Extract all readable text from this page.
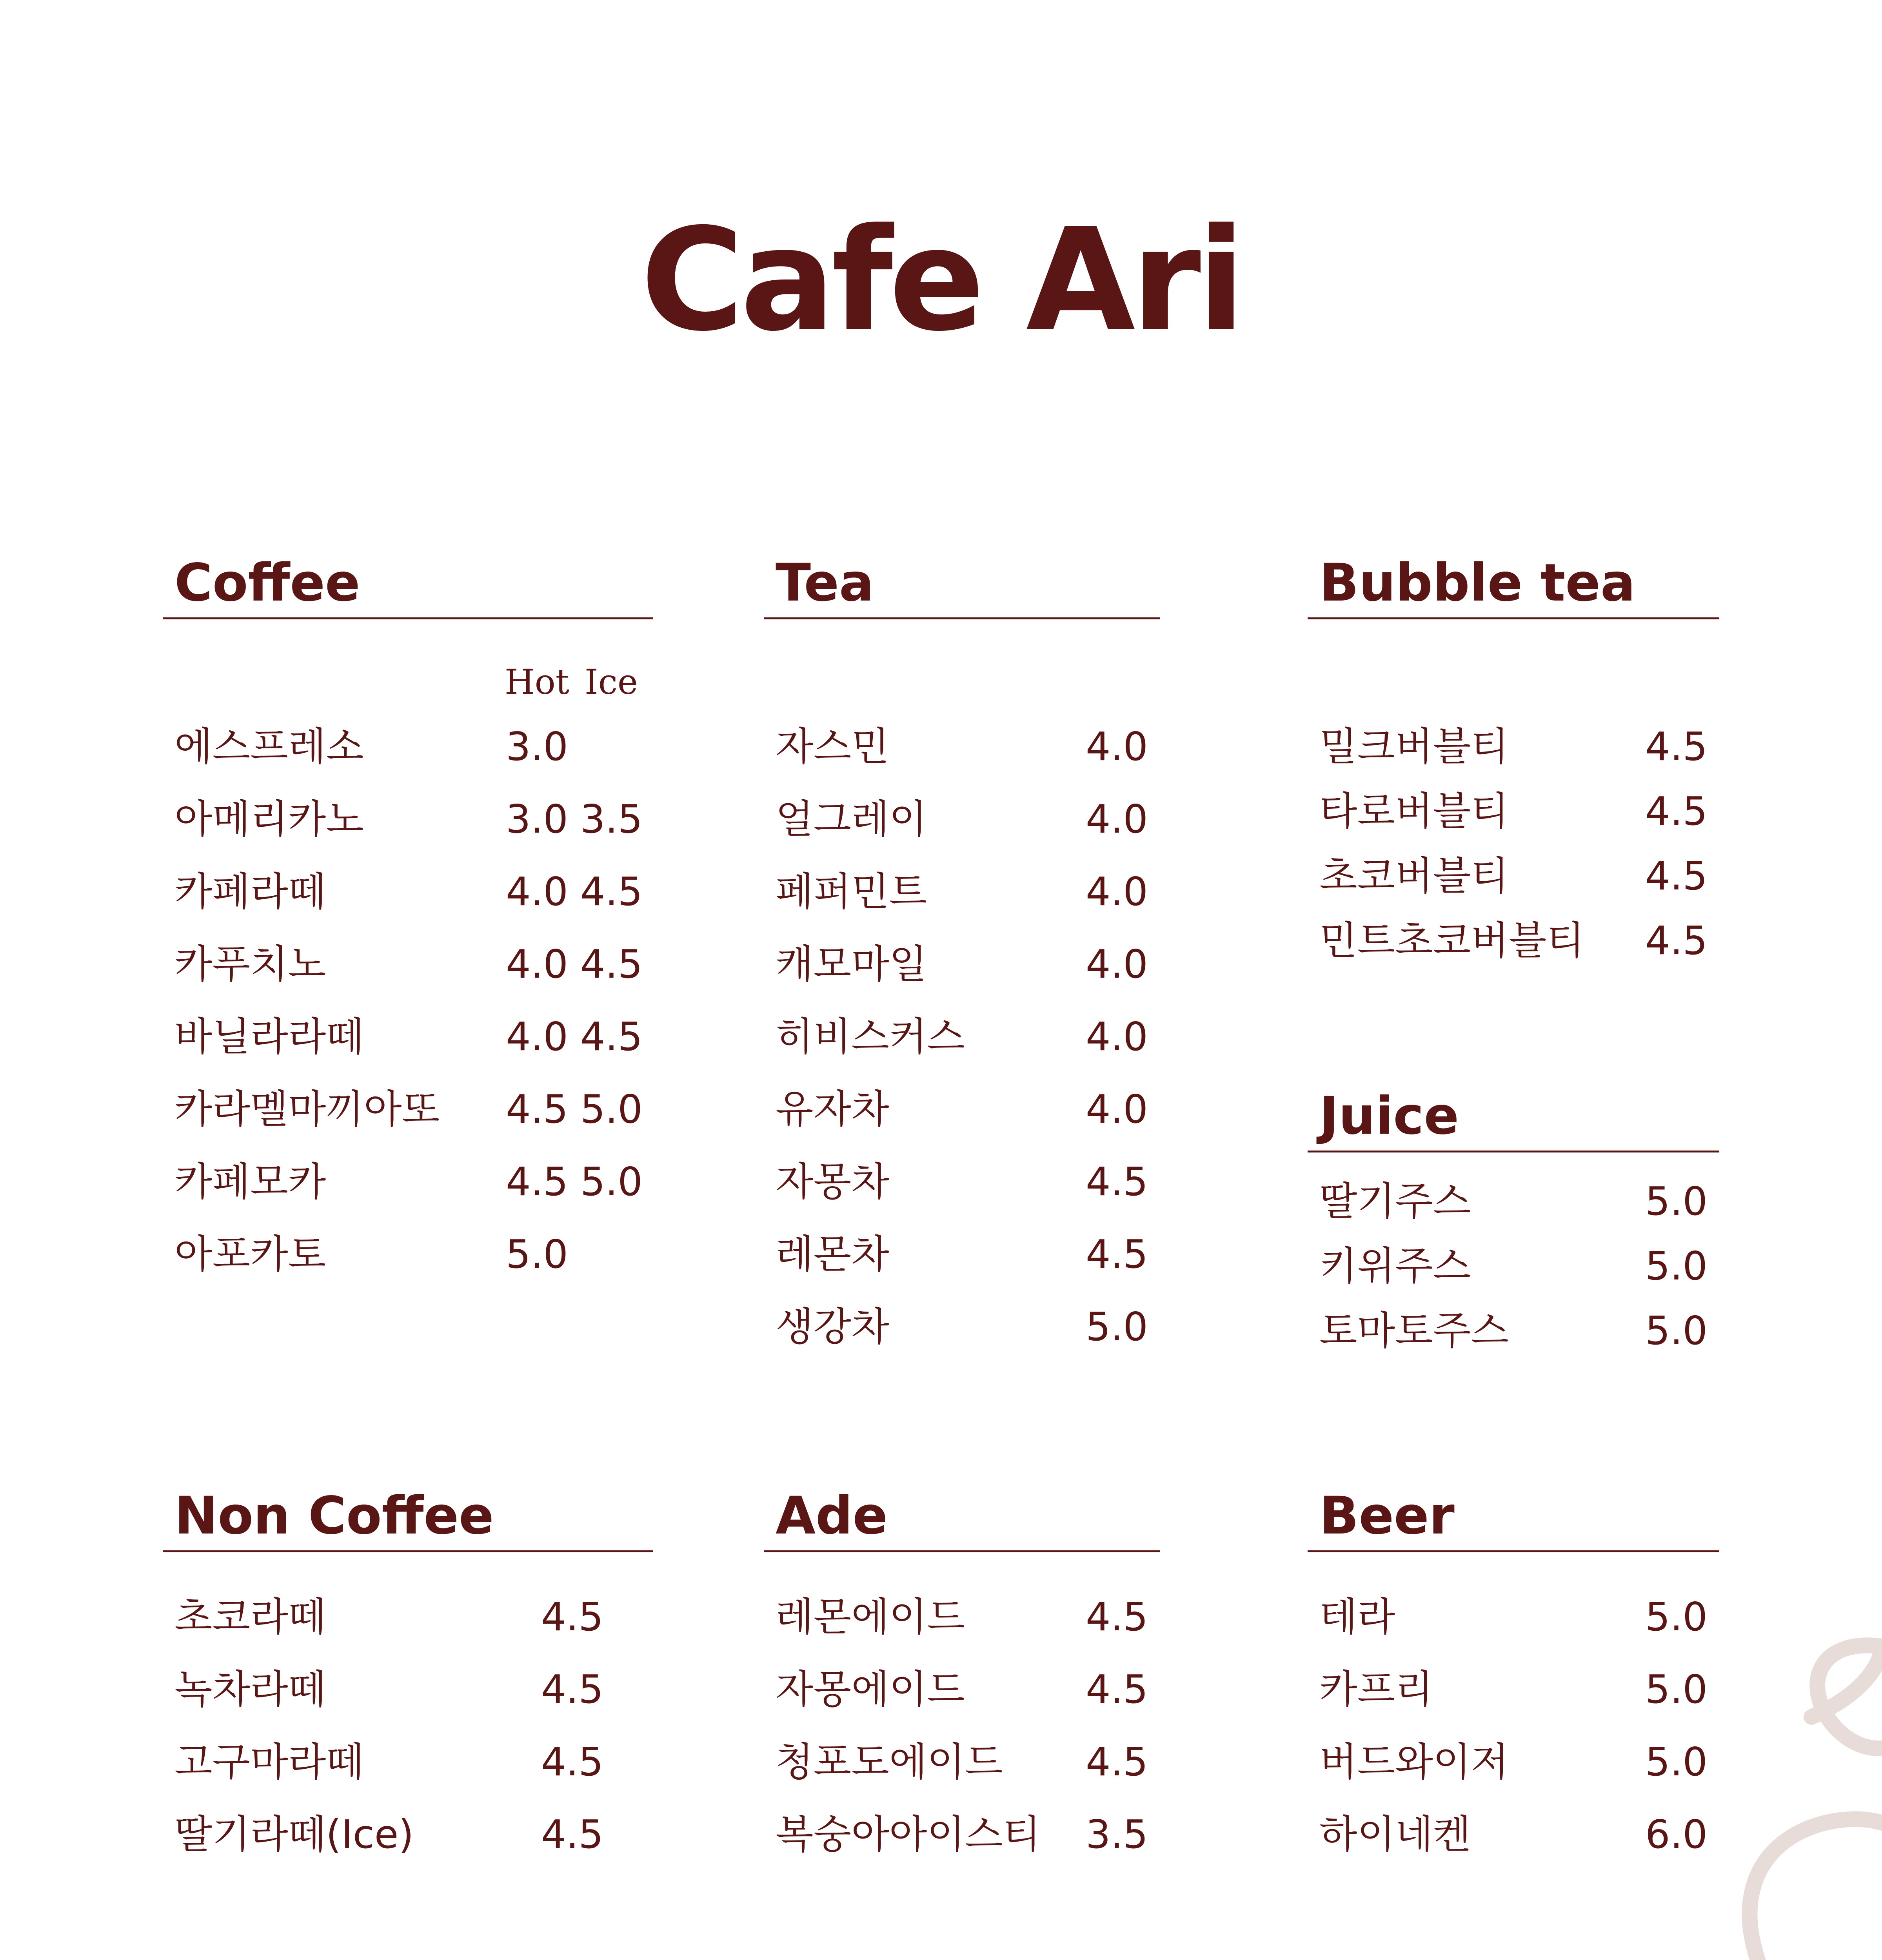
Cafe Ari
Coffee
Hot Ice
에스프레소	3.0
아메리카노	3.0 3.5
카페라떼	4.0 4.5
카푸치노	4.0 4.5
바닐라라떼	4.0 4.5
카라멜마끼아또 4.5 5.0
카페모카	4.5 5.0
아포카토	5.0
Tea
자스민	4.0
얼그레이	4.0
페퍼민트	4.0
캐모마일	4.0
히비스커스	4.0
유자차	4.0
자몽차	4.5
레몬차	4.5
생강차	5.0
Bubble tea
밀크버블티	4.5
타로버블티	4.5
초코버블티	4.5
민트초코버블티 4.5
Juice
딸기주스	5.0
키위주스	5.0
토마토주스	5.0
Non Coffee
초코라떼	4.5
녹차라떼	4.5
고구마라떼	4.5
딸기라떼(Ice)	4.5
Ade
레몬에이드	4.5
자몽에이드	4.5
청포도에이드 4.5
복숭아아이스티 3.5
Beer
테라	5.0
카프리	5.0
버드와이저	5.0
하이네켄	6.0
